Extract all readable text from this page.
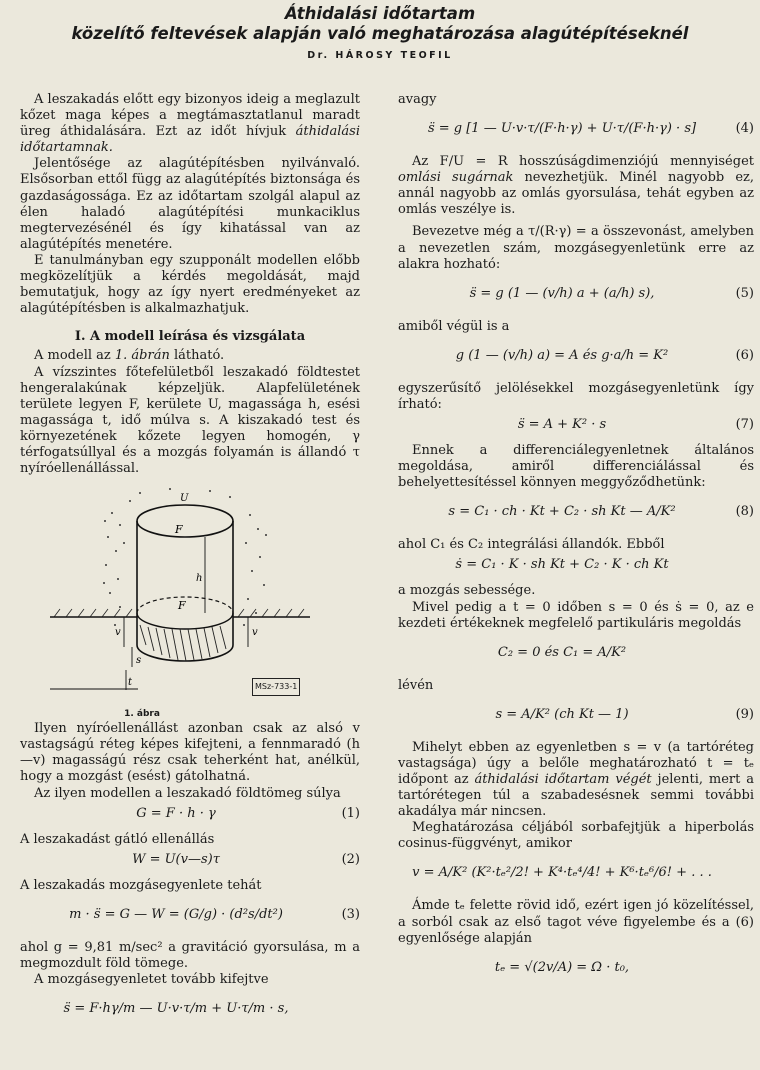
Áthidalási időtartam
közelítő feltevések alapján való meghatározása alagútépítéseknél
Dr. HÁROSY TEOFIL

A leszakadás előtt egy bizonyos ideig a meglazult kőzet maga képes a megtámasztatlanul maradt üreg áthidalására. Ezt az időt hívjuk áthidalási időtartamnak.

Jelentősége az alagútépítésben nyilvánvaló. Elsősorban ettől függ az alagútépítés biztonsága és gazdaságossága. Ez az időtartam szolgál alapul az élen haladó alagútépítési munkaciklus megtervezésénél és így kihatással van az alagútépítés menetére.

E tanulmányban egy szupponált modellen előbb megközelítjük a kérdés megoldását, majd bemutatjuk, hogy az így nyert eredményeket az alagútépítésben is alkalmazhatjuk.

I. A modell leírása és vizsgálata

A modell az 1. ábrán látható.

A vízszintes főtefelületből leszakadó földtestet hengeralakúnak képzeljük. Alapfelületének területe legyen F, kerülete U, magassága h, esési magassága t, idő múlva s. A kiszakadó test és környezetének kőzete legyen homogén, γ térfogatsúllyal és a mozgás folyamán is állandó τ nyíróellenállással.

U
F
h
F
v	v
s
t	MSz-733-1
1. ábra

Ilyen nyíróellenállást azonban csak az alsó v vastagságú réteg képes kifejteni, a fennmaradó (h—v) magasságú rész csak teherként hat, anélkül, hogy a mozgást (esést) gátolhatná.

Az ilyen modellen a leszakadó földtömeg súlya

G = F · h · γ	(1)

A leszakadást gátló ellenállás

W = U(v—s)τ	(2)

A leszakadás mozgásegyenlete tehát

m · s̈ = G — W = (G/g) · (d²s/dt²)	(3)

ahol g = 9,81 m/sec² a gravitáció gyorsulása, m a megmozdult föld tömege.

A mozgásegyenletet tovább kifejtve

s̈ = F·hγ/m — U·v·τ/m + U·τ/m · s,

avagy

s̈ = g [1 — U·v·τ/(F·h·γ) + U·τ/(F·h·γ) · s]	(4)

Az F/U = R hosszúságdimenziójú mennyiséget omlási sugárnak nevezhetjük. Minél nagyobb ez, annál nagyobb az omlás gyorsulása, tehát egyben az omlás veszélye is.

Bevezetve még a τ/(R·γ) = a összevonást, amelyben a nevezetlen szám, mozgásegyenletünk erre az alakra hozható:

s̈ = g (1 — (v/h) a + (a/h) s),	(5)

amiből végül is a

g (1 — (v/h) a) = A és g·a/h = K²	(6)

egyszerűsítő jelölésekkel mozgásegyenletünk így írható:

s̈ = A + K² · s	(7)

Ennek a differenciálegyenletnek általános megoldása, amiről differenciálással és behelyettesítéssel könnyen meggyőződhetünk:

s = C₁ · ch · Kt + C₂ · sh Kt — A/K²	(8)

ahol C₁ és C₂ integrálási állandók. Ebből

ṡ = C₁ · K · sh Kt + C₂ · K · ch Kt

a mozgás sebessége.

Mivel pedig a t = 0 időben s = 0 és ṡ = 0, az e kezdeti értékeknek megfelelő partikuláris megoldás

C₂ = 0 és C₁ = A/K²

lévén

s = A/K² (ch Kt — 1)	(9)

Mihelyt ebben az egyenletben s = v (a tartóréteg vastagsága) úgy a belőle meghatározható t = tₑ időpont az áthidalási időtartam végét jelenti, mert a tartórétegen túl a szabadesésnek semmi további akadálya már nincsen.

Meghatározása céljából sorbafejtjük a hiperbolás cosinus-függvényt, amikor

v = A/K² (K²·tₑ²/2! + K⁴·tₑ⁴/4! + K⁶·tₑ⁶/6! + . . .

Ámde tₑ felette rövid idő, ezért igen jó közelítéssel, a sorból csak az első tagot véve figyelembe és a (6) egyenlősége alapján

tₑ = √(2v/A) = Ω · t₀,
